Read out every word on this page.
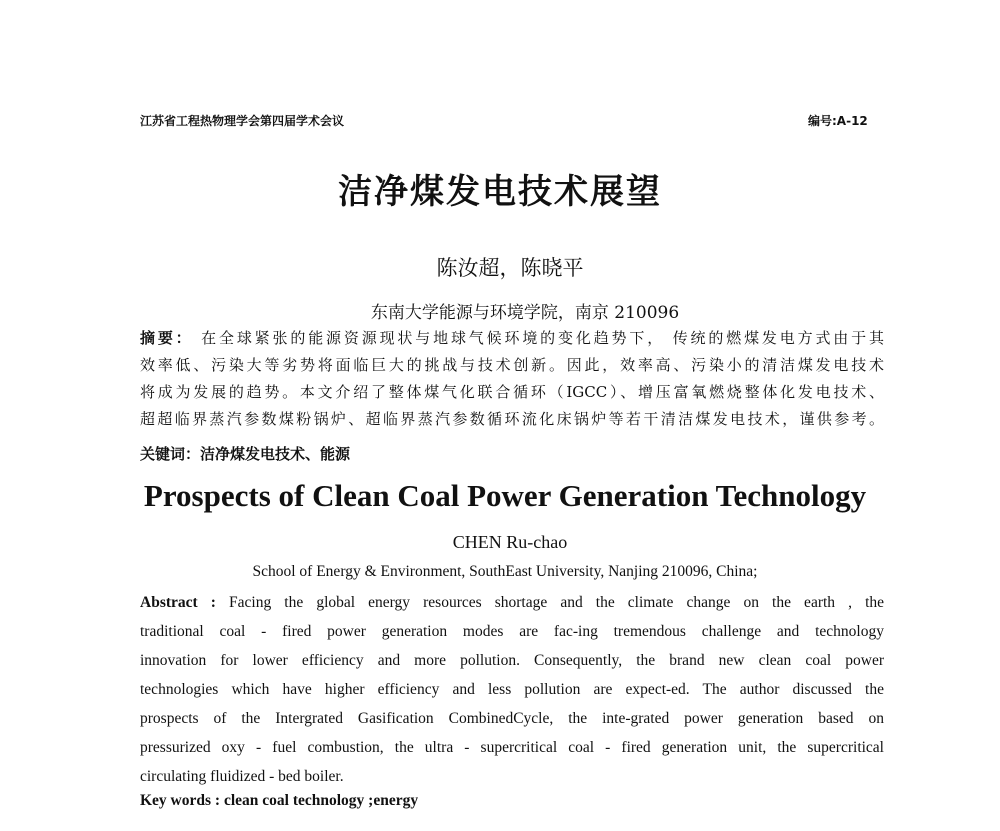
江苏省工程热物理学会第四届学术会议	编号:A-12
洁净煤发电技术展望
陈汝超，陈晓平
东南大学能源与环境学院，南京 210096
摘要： 在全球紧张的能源资源现状与地球气候环境的变化趋势下， 传统的燃煤发电方式由于其
效率低、污染大等劣势将面临巨大的挑战与技术创新。因此，效率高、污染小的清洁煤发电技术
将成为发展的趋势。本文介绍了整体煤气化联合循环（IGCC）、增压富氧燃烧整体化发电技术、
超超临界蒸汽参数煤粉锅炉、超临界蒸汽参数循环流化床锅炉等若干清洁煤发电技术，谨供参考。
关键词：洁净煤发电技术、能源
Prospects of Clean Coal Power Generation Technology
CHEN Ru-chao
School of Energy & Environment, SouthEast University, Nanjing 210096, China;
Abstract : Facing the global energy resources shortage and the climate change on the earth , the
traditional coal - fired power generation modes are fac-ing tremendous challenge and technology
innovation for lower efficiency and more pollution. Consequently, the brand new clean coal power
technologies which have higher efficiency and less pollution are expect-ed. The author discussed the
prospects of the Intergrated Gasification CombinedCycle, the inte-grated power generation based on
pressurized oxy - fuel combustion, the ultra - supercritical coal - fired generation unit, the supercritical
circulating fluidized - bed boiler.
Key words : clean coal technology ;energy
